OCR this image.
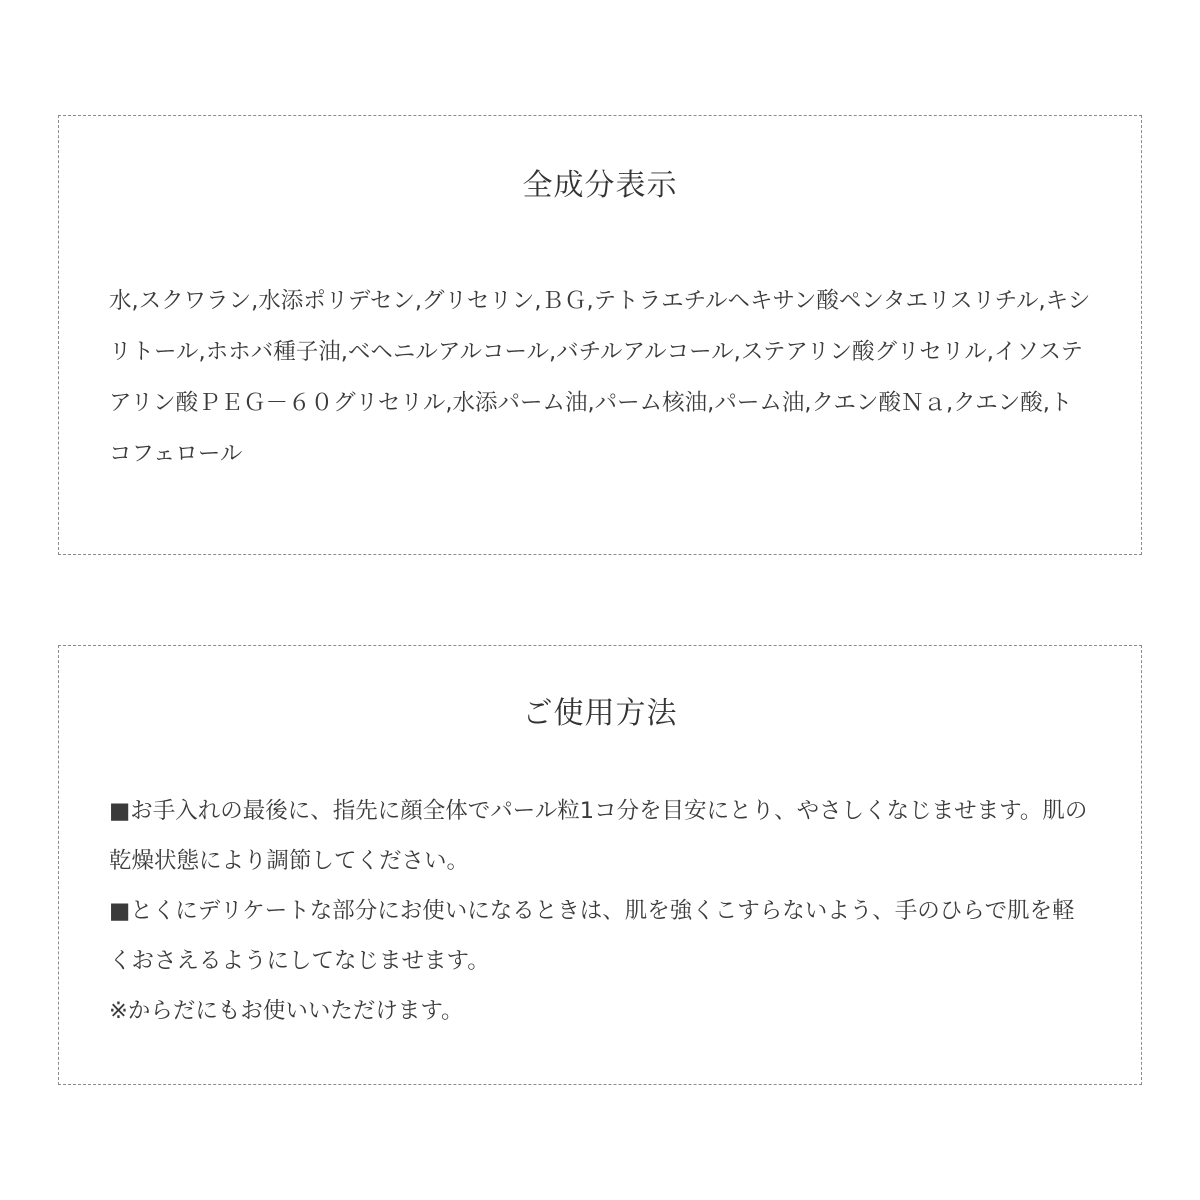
全成分表示

水,スクワラン,水添ポリデセン,グリセリン,ＢＧ,テトラエチルヘキサン酸ペンタエリスリチル,キシリトール,ホホバ種子油,ベヘニルアルコール,バチルアルコール,ステアリン酸グリセリル,イソステアリン酸ＰＥＧ－６０グリセリル,水添パーム油,パーム核油,パーム油,クエン酸Ｎａ,クエン酸,トコフェロール

ご使用方法

■お手入れの最後に、指先に顔全体でパール粒1コ分を目安にとり、やさしくなじませます。肌の乾燥状態により調節してください。

■とくにデリケートな部分にお使いになるときは、肌を強くこすらないよう、手のひらで肌を軽くおさえるようにしてなじませます。

※からだにもお使いいただけます。
